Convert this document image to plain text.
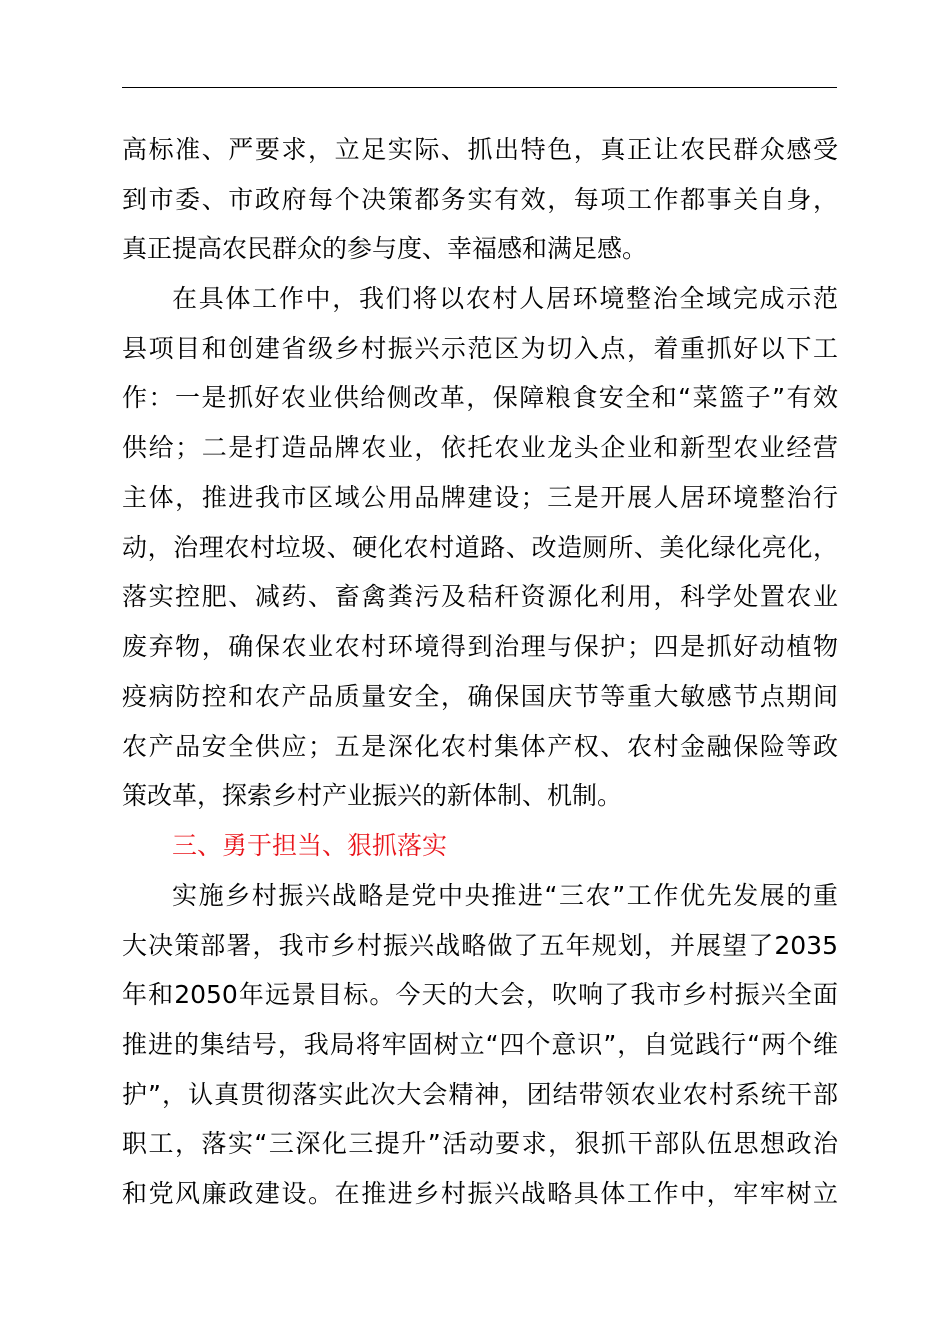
高标准、严要求，立足实际、抓出特色，真正让农民群众感受
到市委、市政府每个决策都务实有效，每项工作都事关自身，
真正提高农民群众的参与度、幸福感和满足感。
在具体工作中，我们将以农村人居环境整治全域完成示范
县项目和创建省级乡村振兴示范区为切入点，着重抓好以下工
作：一是抓好农业供给侧改革，保障粮食安全和“菜篮子”有效
供给；二是打造品牌农业，依托农业龙头企业和新型农业经营
主体，推进我市区域公用品牌建设；三是开展人居环境整治行
动，治理农村垃圾、硬化农村道路、改造厕所、美化绿化亮化，
落实控肥、减药、畜禽粪污及秸秆资源化利用，科学处置农业
废弃物，确保农业农村环境得到治理与保护；四是抓好动植物
疫病防控和农产品质量安全，确保国庆节等重大敏感节点期间
农产品安全供应；五是深化农村集体产权、农村金融保险等政
策改革，探索乡村产业振兴的新体制、机制。
三、勇于担当、狠抓落实
实施乡村振兴战略是党中央推进“三农”工作优先发展的重
大决策部署，我市乡村振兴战略做了五年规划，并展望了2035
年和2050年远景目标。今天的大会，吹响了我市乡村振兴全面
推进的集结号，我局将牢固树立“四个意识”，自觉践行“两个维
护”，认真贯彻落实此次大会精神，团结带领农业农村系统干部
职工，落实“三深化三提升”活动要求，狠抓干部队伍思想政治
和党风廉政建设。在推进乡村振兴战略具体工作中，牢牢树立
